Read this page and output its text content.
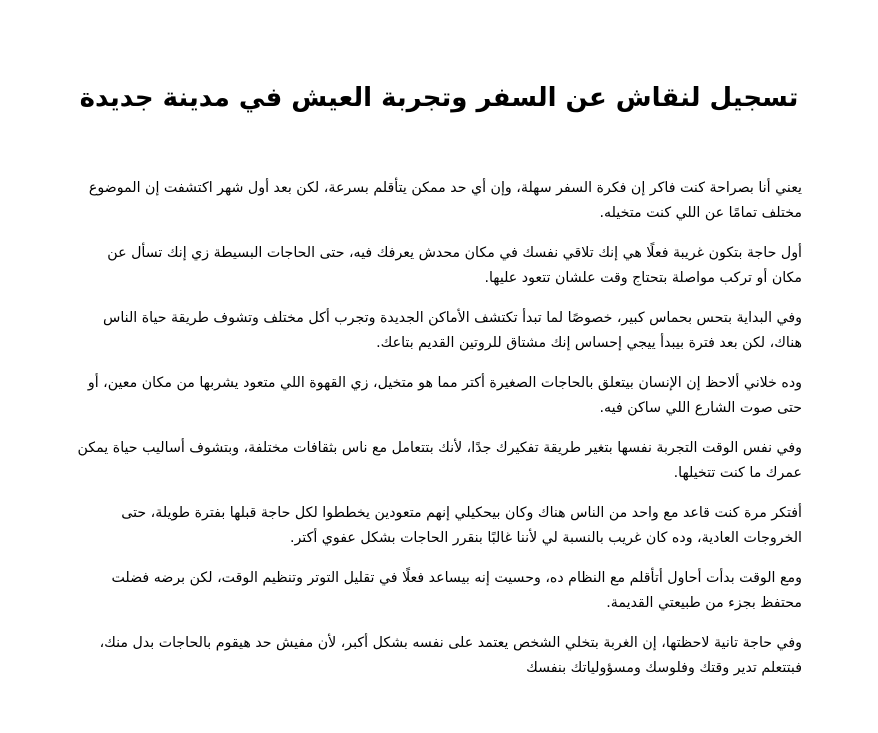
تسجيل لنقاش عن السفر وتجربة العيش في مدينة جديدة

يعني أنا بصراحة كنت فاكر إن فكرة السفر سهلة، وإن أي حد ممكن يتأقلم بسرعة، لكن بعد أول شهر اكتشفت إن الموضوع مختلف تمامًا عن اللي كنت متخيله.

أول حاجة بتكون غريبة فعلًا هي إنك تلاقي نفسك في مكان محدش يعرفك فيه، حتى الحاجات البسيطة زي إنك تسأل عن مكان أو تركب مواصلة بتحتاج وقت علشان تتعود عليها.

وفي البداية بتحس بحماس كبير، خصوصًا لما تبدأ تكتشف الأماكن الجديدة وتجرب أكل مختلف وتشوف طريقة حياة الناس هناك، لكن بعد فترة بيبدأ ييجي إحساس إنك مشتاق للروتين القديم بتاعك.

وده خلاني ألاحظ إن الإنسان بيتعلق بالحاجات الصغيرة أكتر مما هو متخيل، زي القهوة اللي متعود يشربها من مكان معين، أو حتى صوت الشارع اللي ساكن فيه.

وفي نفس الوقت التجربة نفسها بتغير طريقة تفكيرك جدًا، لأنك بتتعامل مع ناس بثقافات مختلفة، وبتشوف أساليب حياة يمكن عمرك ما كنت تتخيلها.

أفتكر مرة كنت قاعد مع واحد من الناس هناك وكان بيحكيلي إنهم متعودين يخططوا لكل حاجة قبلها بفترة طويلة، حتى الخروجات العادية، وده كان غريب بالنسبة لي لأننا غالبًا بنقرر الحاجات بشكل عفوي أكتر.

ومع الوقت بدأت أحاول أتأقلم مع النظام ده، وحسيت إنه بيساعد فعلًا في تقليل التوتر وتنظيم الوقت، لكن برضه فضلت محتفظ بجزء من طبيعتي القديمة.

وفي حاجة تانية لاحظتها، إن الغربة بتخلي الشخص يعتمد على نفسه بشكل أكبر، لأن مفيش حد هيقوم بالحاجات بدل منك، فبتتعلم تدير وقتك وفلوسك ومسؤولياتك بنفسك
